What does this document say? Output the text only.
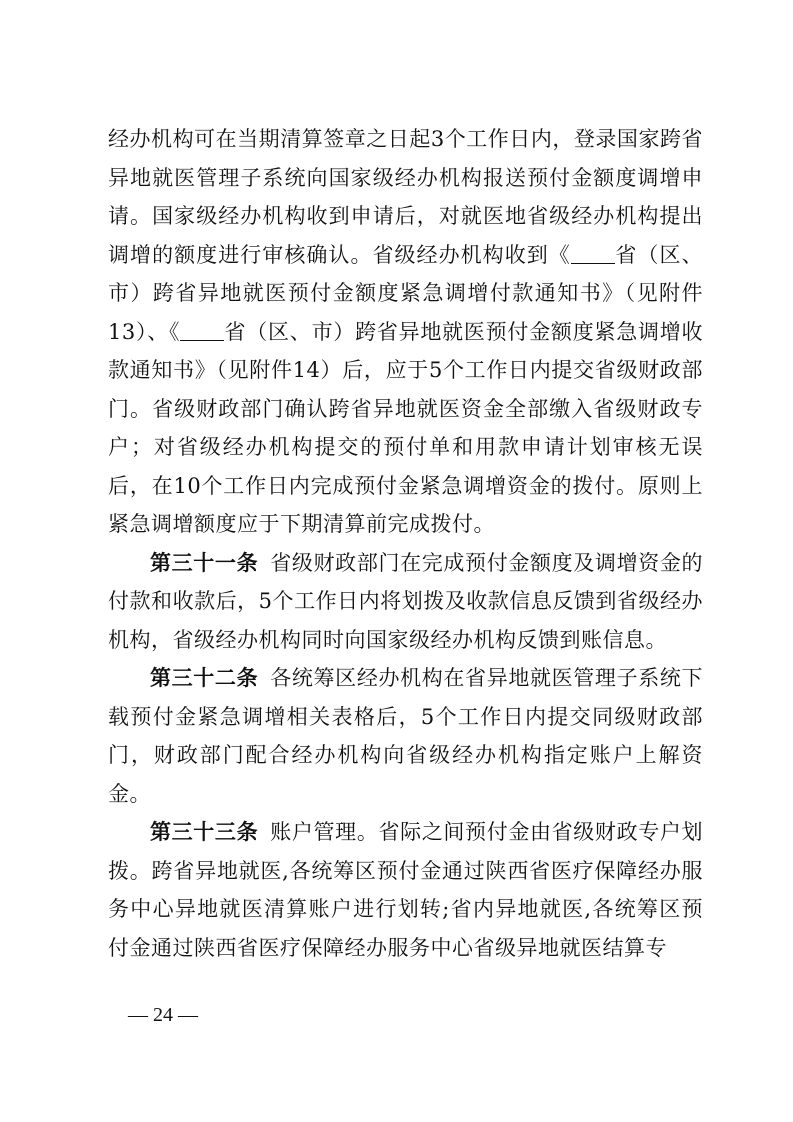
经办机构可在当期清算签章之日起3个工作日内，登录国家跨省异地就医管理子系统向国家级经办机构报送预付金额度调增申请。国家级经办机构收到申请后，对就医地省级经办机构提出调增的额度进行审核确认。省级经办机构收到《 省（区、市）跨省异地就医预付金额度紧急调增付款通知书》（见附件13）、《 省（区、市）跨省异地就医预付金额度紧急调增收款通知书》（见附件14）后，应于5个工作日内提交省级财政部门。省级财政部门确认跨省异地就医资金全部缴入省级财政专户；对省级经办机构提交的预付单和用款申请计划审核无误后，在10个工作日内完成预付金紧急调增资金的拨付。原则上紧急调增额度应于下期清算前完成拨付。

第三十一条 省级财政部门在完成预付金额度及调增资金的付款和收款后，5个工作日内将划拨及收款信息反馈到省级经办机构，省级经办机构同时向国家级经办机构反馈到账信息。

第三十二条 各统筹区经办机构在省异地就医管理子系统下载预付金紧急调增相关表格后，5个工作日内提交同级财政部门，财政部门配合经办机构向省级经办机构指定账户上解资金。

第三十三条 账户管理。省际之间预付金由省级财政专户划拨。跨省异地就医,各统筹区预付金通过陕西省医疗保障经办服务中心异地就医清算账户进行划转;省内异地就医,各统筹区预付金通过陕西省医疗保障经办服务中心省级异地就医结算专

— 24 —
